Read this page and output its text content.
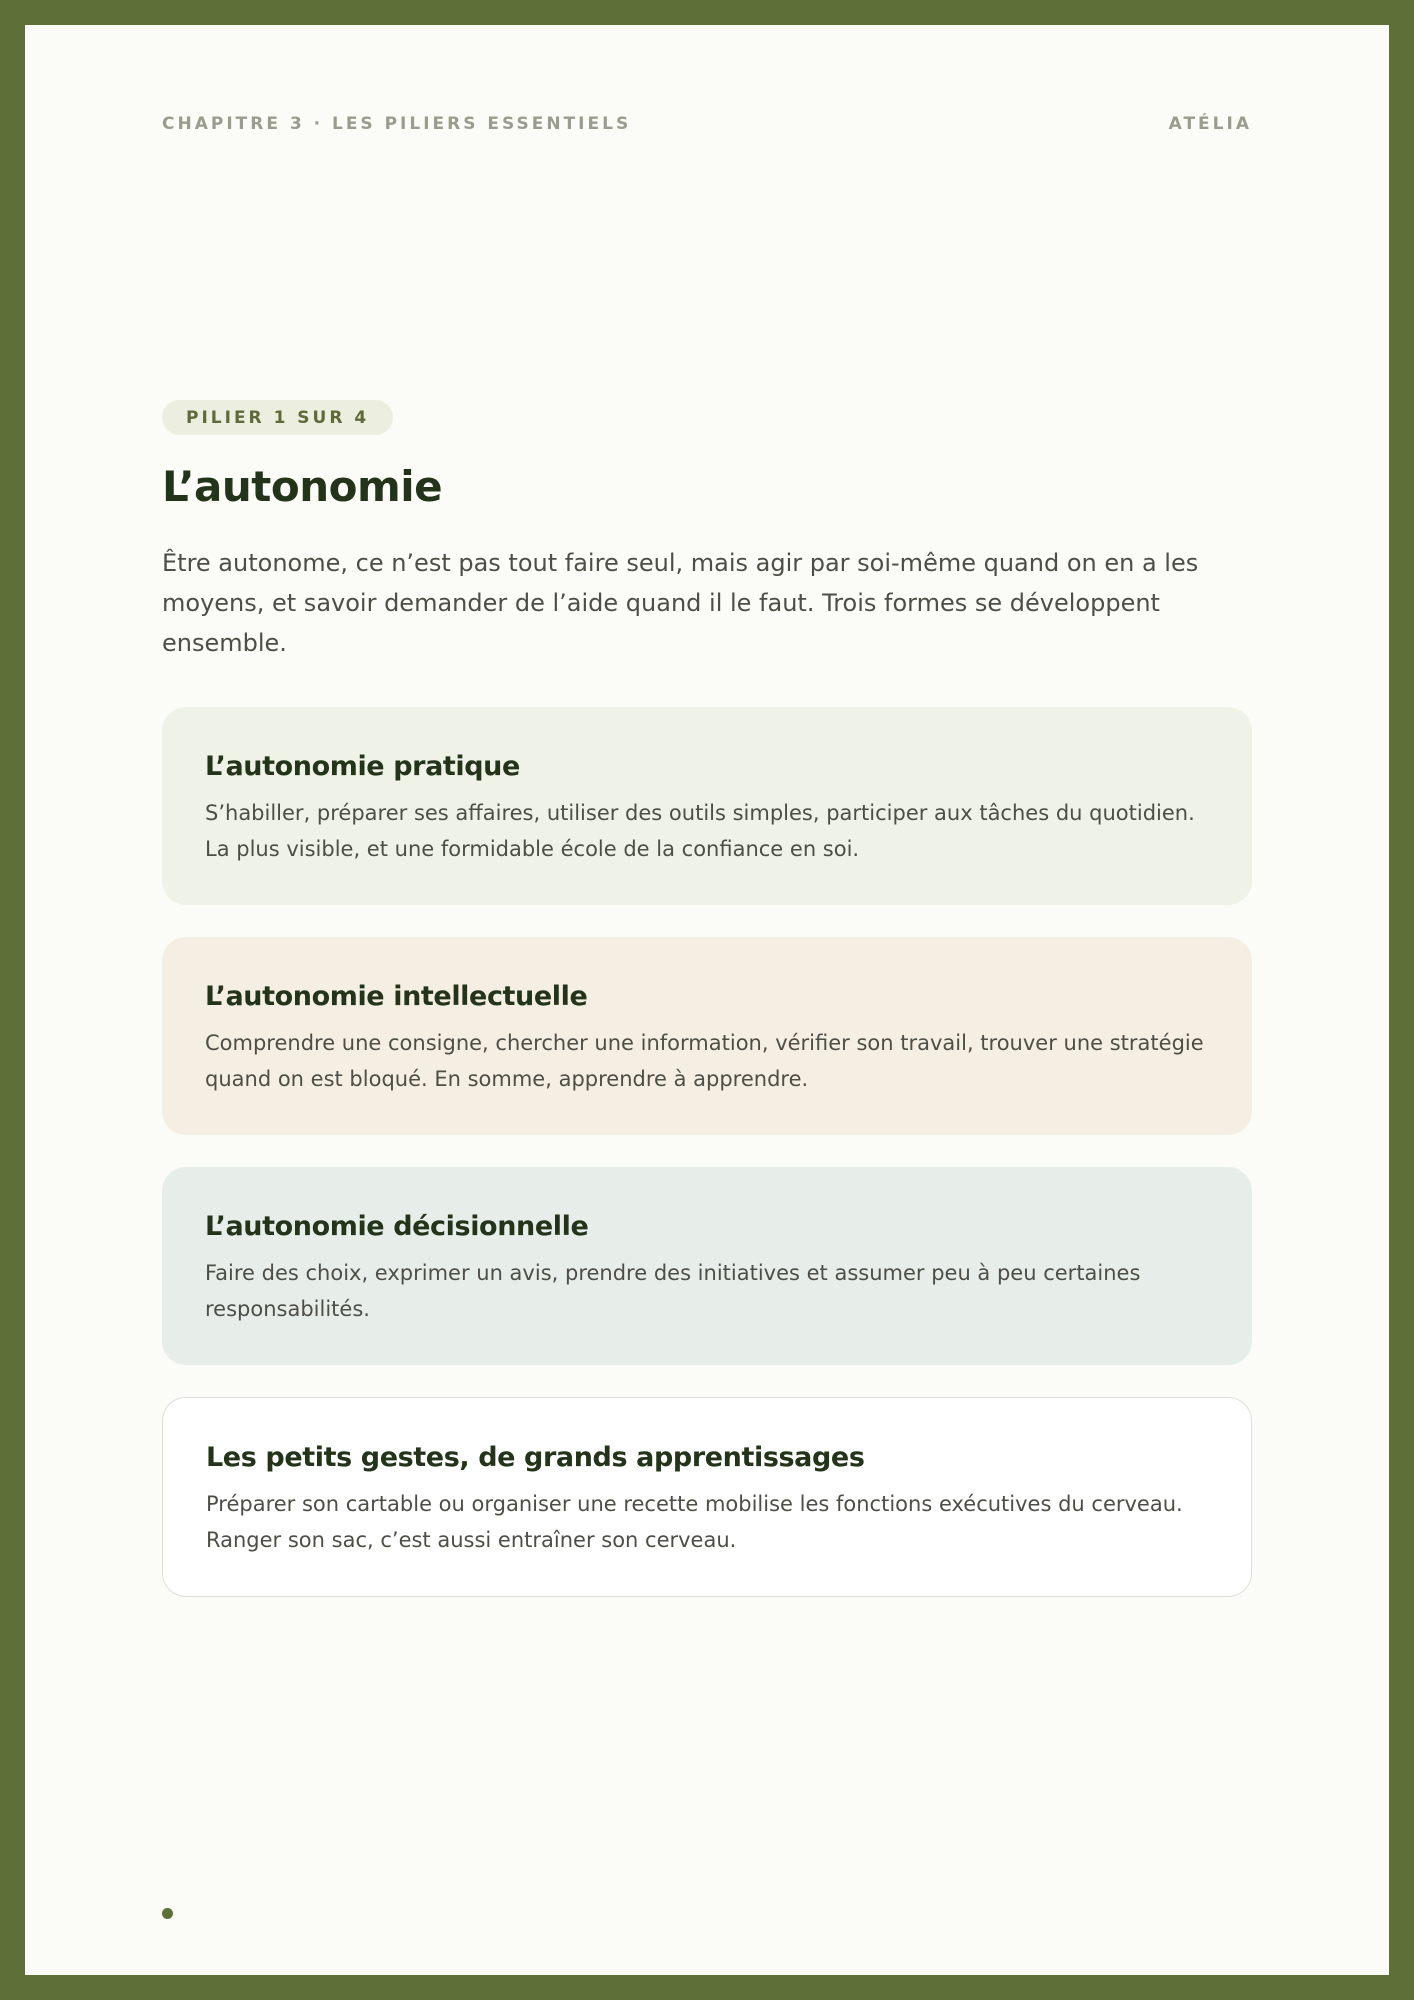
CHAPITRE 3 · LES PILIERS ESSENTIELS	ATÉLIA
PILIER 1 SUR 4
L’autonomie

Être autonome, ce n’est pas tout faire seul, mais agir par soi-même quand on en a les moyens, et savoir demander de l’aide quand il le faut. Trois formes se développent ensemble.

L’autonomie pratique

S’habiller, préparer ses affaires, utiliser des outils simples, participer aux tâches du quotidien. La plus visible, et une formidable école de la confiance en soi.

L’autonomie intellectuelle

Comprendre une consigne, chercher une information, vérifier son travail, trouver une stratégie quand on est bloqué. En somme, apprendre à apprendre.

L’autonomie décisionnelle

Faire des choix, exprimer un avis, prendre des initiatives et assumer peu à peu certaines responsabilités.

Les petits gestes, de grands apprentissages

Préparer son cartable ou organiser une recette mobilise les fonctions exécutives du cerveau. Ranger son sac, c’est aussi entraîner son cerveau.
